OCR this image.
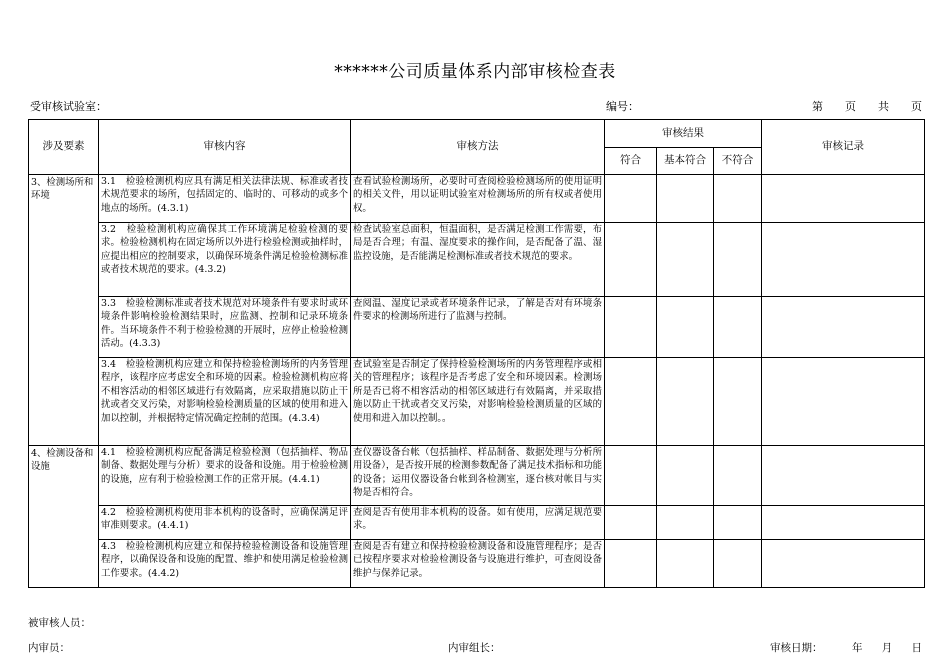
******公司质量体系内部审核检查表
受审核试验室：	编号：	第 页 共 页
涉及要素	审核内容	审核方法	审核结果			审核记录
			符合	基本符合	不符合	
3、检测场所和环境	3.1　检验检测机构应具有满足相关法律法规、标准或者技术规范要求的场所，包括固定的、临时的、可移动的或多个地点的场所。(4.3.1)	查看试验检测场所，必要时可查阅检验检测场所的使用证明的相关文件，用以证明试验室对检测场所的所有权或者使用权。				
	3.2　检验检测机构应确保其工作环境满足检验检测的要求。检验检测机构在固定场所以外进行检验检测或抽样时，应提出相应的控制要求，以确保环境条件满足检验检测标准或者技术规范的要求。(4.3.2)	检查试验室总面积，恒温面积，是否满足检测工作需要，布局是否合理；有温、湿度要求的操作间，是否配备了温、湿监控设施，是否能满足检测标准或者技术规范的要求。				
	3.3　检验检测标准或者技术规范对环境条件有要求时或环境条件影响检验检测结果时，应监测、控制和记录环境条件。当环境条件不利于检验检测的开展时，应停止检验检测活动。(4.3.3)	查阅温、湿度记录或者环境条件记录，了解是否对有环境条件要求的检测场所进行了监测与控制。				
	3.4　检验检测机构应建立和保持检验检测场所的内务管理程序，该程序应考虑安全和环境的因素。检验检测机构应将不相容活动的相邻区域进行有效隔离，应采取措施以防止干扰或者交叉污染，对影响检验检测质量的区域的使用和进入加以控制，并根据特定情况确定控制的范围。(4.3.4)	查试验室是否制定了保持检验检测场所的内务管理程序或相关的管理程序；该程序是否考虑了安全和环境因素。检测场所是否已将不相容活动的相邻区域进行有效隔离，并采取措施以防止干扰或者交叉污染，对影响检验检测质量的区域的使用和进入加以控制。。				
4、检测设备和设施	4.1　检验检测机构应配备满足检验检测（包括抽样、物品制备、数据处理与分析）要求的设备和设施。用于检验检测的设施，应有利于检验检测工作的正常开展。(4.4.1)	查仪器设备台帐（包括抽样、样品制备、数据处理与分析所用设备），是否按开展的检测参数配备了满足技术指标和功能的设备；运用仪器设备台帐到各检测室，逐台核对帐目与实物是否相符合。				
	4.2　检验检测机构使用非本机构的设备时，应确保满足评审准则要求。(4.4.1)	查阅是否有使用非本机构的设备。如有使用，应满足规范要求。				
	4.3　检验检测机构应建立和保持检验检测设备和设施管理程序，以确保设备和设施的配置、维护和使用满足检验检测工作要求。(4.4.2)	查阅是否有建立和保持检验检测设备和设施管理程序；是否已按程序要求对检验检测设备与设施进行维护，可查阅设备维护与保养记录。				
被审核人员：
内审员：	内审组长：	审核日期：	年 月 日
